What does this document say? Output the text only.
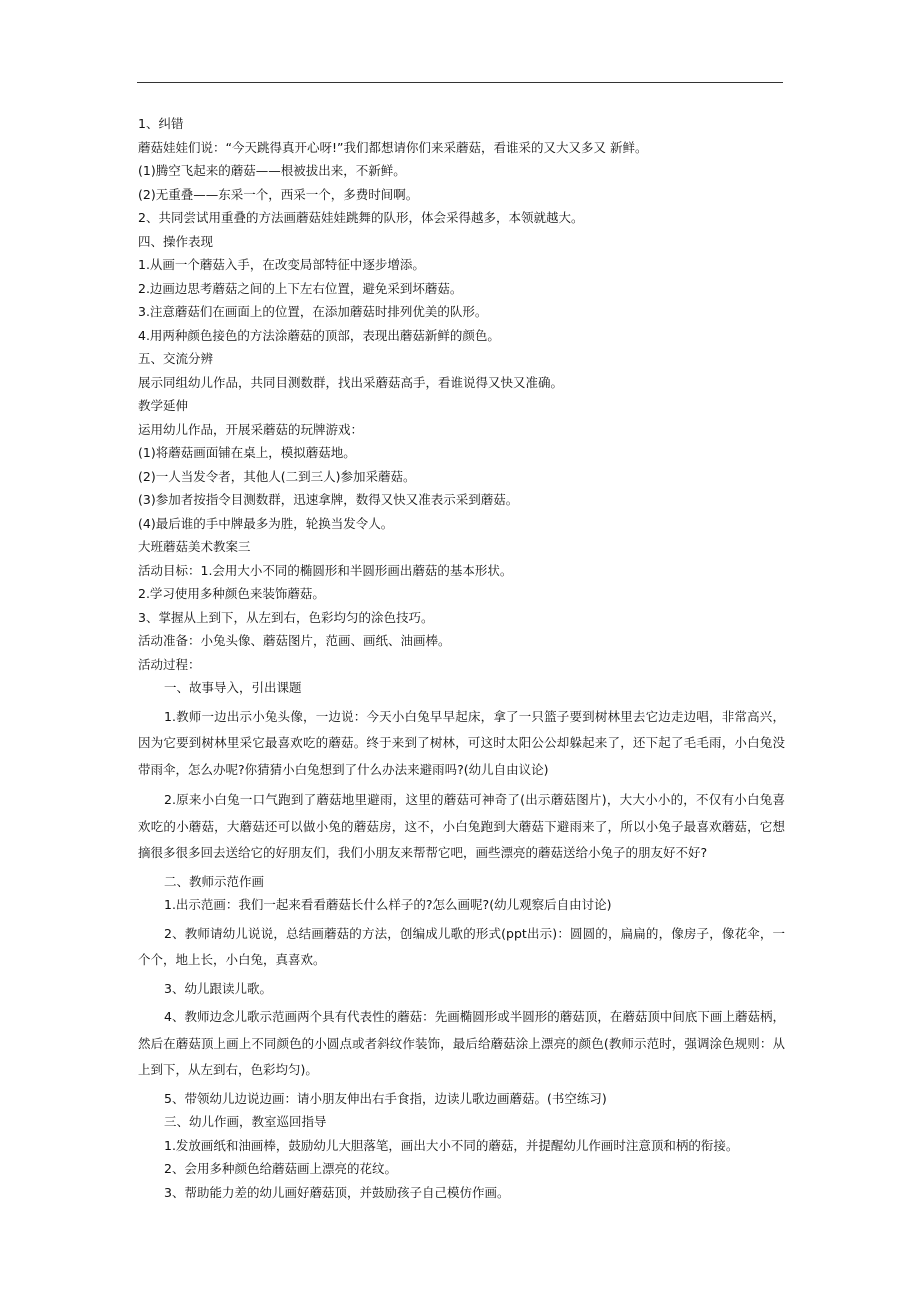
1、纠错
蘑菇娃娃们说：“今天跳得真开心呀!”我们都想请你们来采蘑菇，看谁采的又大又多又 新鲜。
(1)腾空飞起来的蘑菇——根被拔出来，不新鲜。
(2)无重叠——东采一个，西采一个，多费时间啊。
2、共同尝试用重叠的方法画蘑菇娃娃跳舞的队形，体会采得越多，本领就越大。
四、操作表现
1.从画一个蘑菇入手，在改变局部特征中逐步增添。
2.边画边思考蘑菇之间的上下左右位置，避免采到坏蘑菇。
3.注意蘑菇们在画面上的位置，在添加蘑菇时排列优美的队形。
4.用两种颜色接色的方法涂蘑菇的顶部，表现出蘑菇新鲜的颜色。
五、交流分辨
展示同组幼儿作品，共同目测数群，找出采蘑菇高手，看谁说得又快又准确。
教学延伸
运用幼儿作品，开展采蘑菇的玩牌游戏：
(1)将蘑菇画面铺在桌上，模拟蘑菇地。
(2)一人当发令者，其他人(二到三人)参加采蘑菇。
(3)参加者按指令目测数群，迅速拿牌，数得又快又准表示采到蘑菇。
(4)最后谁的手中牌最多为胜，轮换当发令人。
大班蘑菇美术教案三
活动目标：1.会用大小不同的椭圆形和半圆形画出蘑菇的基本形状。
2.学习使用多种颜色来装饰蘑菇。
3、掌握从上到下，从左到右，色彩均匀的涂色技巧。
活动准备：小兔头像、蘑菇图片，范画、画纸、油画棒。
活动过程：
一、故事导入，引出课题
1.教师一边出示小兔头像，一边说：今天小白兔早早起床，拿了一只篮子要到树林里去它边走边唱，非常高兴，因为它要到树林里采它最喜欢吃的蘑菇。终于来到了树林，可这时太阳公公却躲起来了，还下起了毛毛雨，小白兔没带雨伞，怎么办呢?你猜猜小白兔想到了什么办法来避雨吗?(幼儿自由议论)
2.原来小白兔一口气跑到了蘑菇地里避雨，这里的蘑菇可神奇了(出示蘑菇图片)，大大小小的，不仅有小白兔喜欢吃的小蘑菇，大蘑菇还可以做小兔的蘑菇房，这不，小白兔跑到大蘑菇下避雨来了，所以小兔子最喜欢蘑菇，它想摘很多很多回去送给它的好朋友们，我们小朋友来帮帮它吧，画些漂亮的蘑菇送给小兔子的朋友好不好?
二、教师示范作画
1.出示范画：我们一起来看看蘑菇长什么样子的?怎么画呢?(幼儿观察后自由讨论)
2、教师请幼儿说说，总结画蘑菇的方法，创编成儿歌的形式(ppt出示)：圆圆的，扁扁的，像房子，像花伞，一个个，地上长，小白兔，真喜欢。
3、幼儿跟读儿歌。
4、教师边念儿歌示范画两个具有代表性的蘑菇：先画椭圆形或半圆形的蘑菇顶，在蘑菇顶中间底下画上蘑菇柄，然后在蘑菇顶上画上不同颜色的小圆点或者斜纹作装饰，最后给蘑菇涂上漂亮的颜色(教师示范时，强调涂色规则：从上到下，从左到右，色彩均匀)。
5、带领幼儿边说边画：请小朋友伸出右手食指，边读儿歌边画蘑菇。(书空练习)
三、幼儿作画，教室巡回指导
1.发放画纸和油画棒，鼓励幼儿大胆落笔，画出大小不同的蘑菇，并提醒幼儿作画时注意顶和柄的衔接。
2、会用多种颜色给蘑菇画上漂亮的花纹。
3、帮助能力差的幼儿画好蘑菇顶，并鼓励孩子自己模仿作画。
